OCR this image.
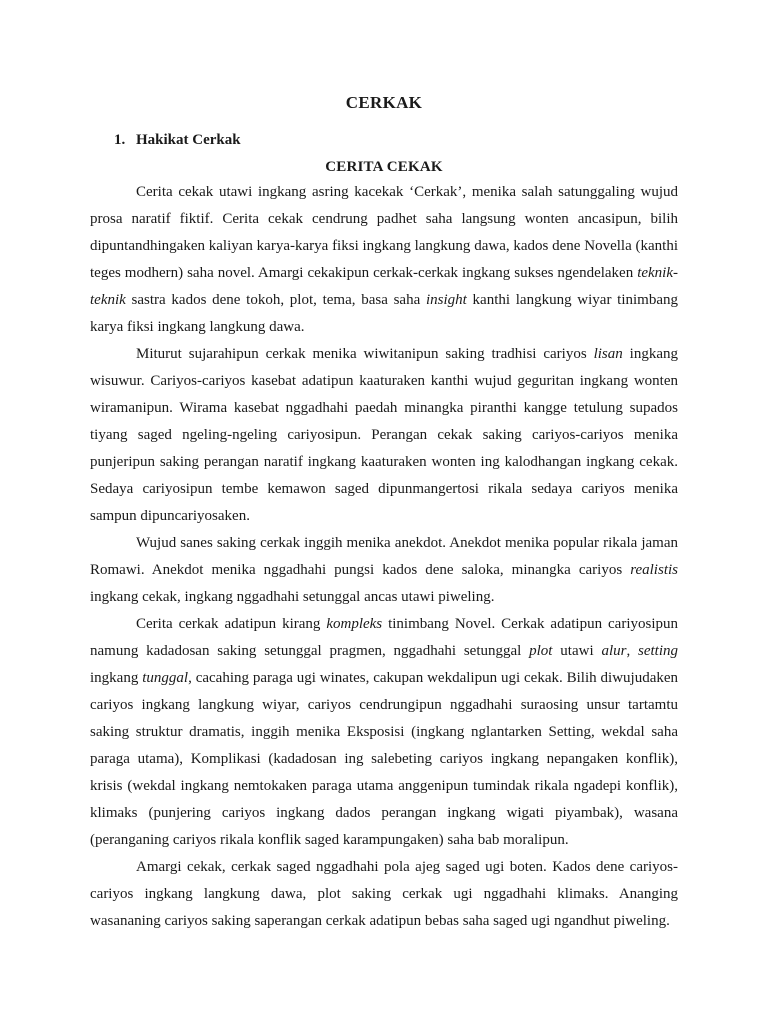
CERKAK
1. Hakikat Cerkak
CERITA CEKAK

Cerita cekak utawi ingkang asring kacekak ‘Cerkak’, menika salah satunggaling wujud prosa naratif fiktif. Cerita cekak cendrung padhet saha langsung wonten ancasipun, bilih dipuntandhingaken kaliyan karya-karya fiksi ingkang langkung dawa, kados dene Novella (kanthi teges modhern) saha novel. Amargi cekakipun cerkak-cerkak ingkang sukses ngendelaken teknik-teknik sastra kados dene tokoh, plot, tema, basa saha insight kanthi langkung wiyar tinimbang karya fiksi ingkang langkung dawa.

Miturut sujarahipun cerkak menika wiwitanipun saking tradhisi cariyos lisan ingkang wisuwur. Cariyos-cariyos kasebat adatipun kaaturaken kanthi wujud geguritan ingkang wonten wiramanipun. Wirama kasebat nggadhahi paedah minangka piranthi kangge tetulung supados tiyang saged ngeling-ngeling cariyosipun. Perangan cekak saking cariyos-cariyos menika punjeripun saking perangan naratif ingkang kaaturaken wonten ing kalodhangan ingkang cekak. Sedaya cariyosipun tembe kemawon saged dipunmangertosi rikala sedaya cariyos menika sampun dipuncariyosaken.

Wujud sanes saking cerkak inggih menika anekdot. Anekdot menika popular rikala jaman Romawi. Anekdot menika nggadhahi pungsi kados dene saloka, minangka cariyos realistis ingkang cekak, ingkang nggadhahi setunggal ancas utawi piweling.

Cerita cerkak adatipun kirang kompleks tinimbang Novel. Cerkak adatipun cariyosipun namung kadadosan saking setunggal pragmen, nggadhahi setunggal plot utawi alur, setting ingkang tunggal, cacahing paraga ugi winates, cakupan wekdalipun ugi cekak. Bilih diwujudaken cariyos ingkang langkung wiyar, cariyos cendrungipun nggadhahi suraosing unsur tartamtu saking struktur dramatis, inggih menika Eksposisi (ingkang nglantarken Setting, wekdal saha paraga utama), Komplikasi (kadadosan ing salebeting cariyos ingkang nepangaken konflik), krisis (wekdal ingkang nemtokaken paraga utama anggenipun tumindak rikala ngadepi konflik), klimaks (punjering cariyos ingkang dados perangan ingkang wigati piyambak), wasana (peranganing cariyos rikala konflik saged karampungaken) saha bab moralipun.

Amargi cekak, cerkak saged nggadhahi pola ajeg saged ugi boten. Kados dene cariyos-cariyos ingkang langkung dawa, plot saking cerkak ugi nggadhahi klimaks. Ananging wasananing cariyos saking saperangan cerkak adatipun bebas saha saged ugi ngandhut piweling.
